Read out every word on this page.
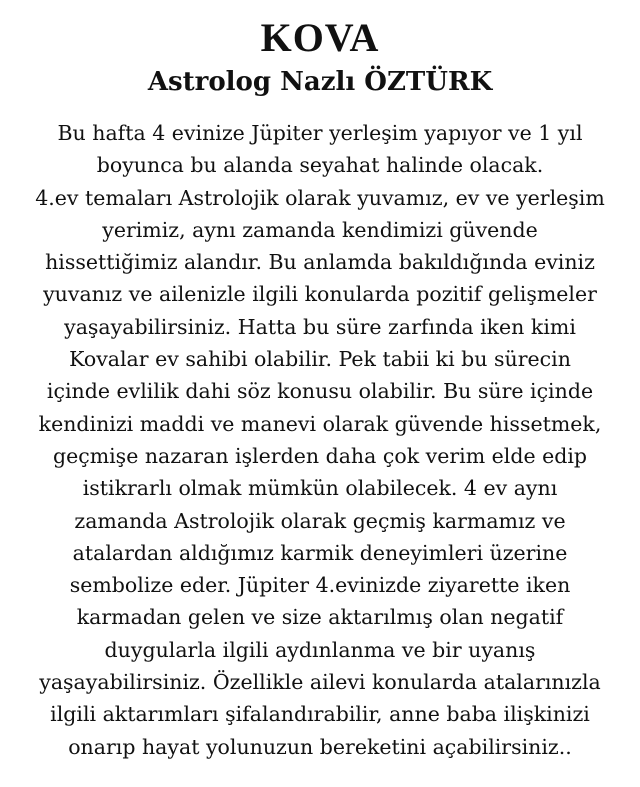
KOVA
Astrolog Nazlı ÖZTÜRK
Bu hafta 4 evinize Jüpiter yerleşim yapıyor ve 1 yıl
boyunca bu alanda seyahat halinde olacak.
4.ev temaları Astrolojik olarak yuvamız, ev ve yerleşim
yerimiz, aynı zamanda kendimizi güvende
hissettiğimiz alandır. Bu anlamda bakıldığında eviniz
yuvanız ve ailenizle ilgili konularda pozitif gelişmeler
yaşayabilirsiniz. Hatta bu süre zarfında iken kimi
Kovalar ev sahibi olabilir. Pek tabii ki bu sürecin
içinde evlilik dahi söz konusu olabilir. Bu süre içinde
kendinizi maddi ve manevi olarak güvende hissetmek,
geçmişe nazaran işlerden daha çok verim elde edip
istikrarlı olmak mümkün olabilecek. 4 ev aynı
zamanda Astrolojik olarak geçmiş karmamız ve
atalardan aldığımız karmik deneyimleri üzerine
sembolize eder. Jüpiter 4.evinizde ziyarette iken
karmadan gelen ve size aktarılmış olan negatif
duygularla ilgili aydınlanma ve bir uyanış
yaşayabilirsiniz. Özellikle ailevi konularda atalarınızla
ilgili aktarımları şifalandırabilir, anne baba ilişkinizi
onarıp hayat yolunuzun bereketini açabilirsiniz..
